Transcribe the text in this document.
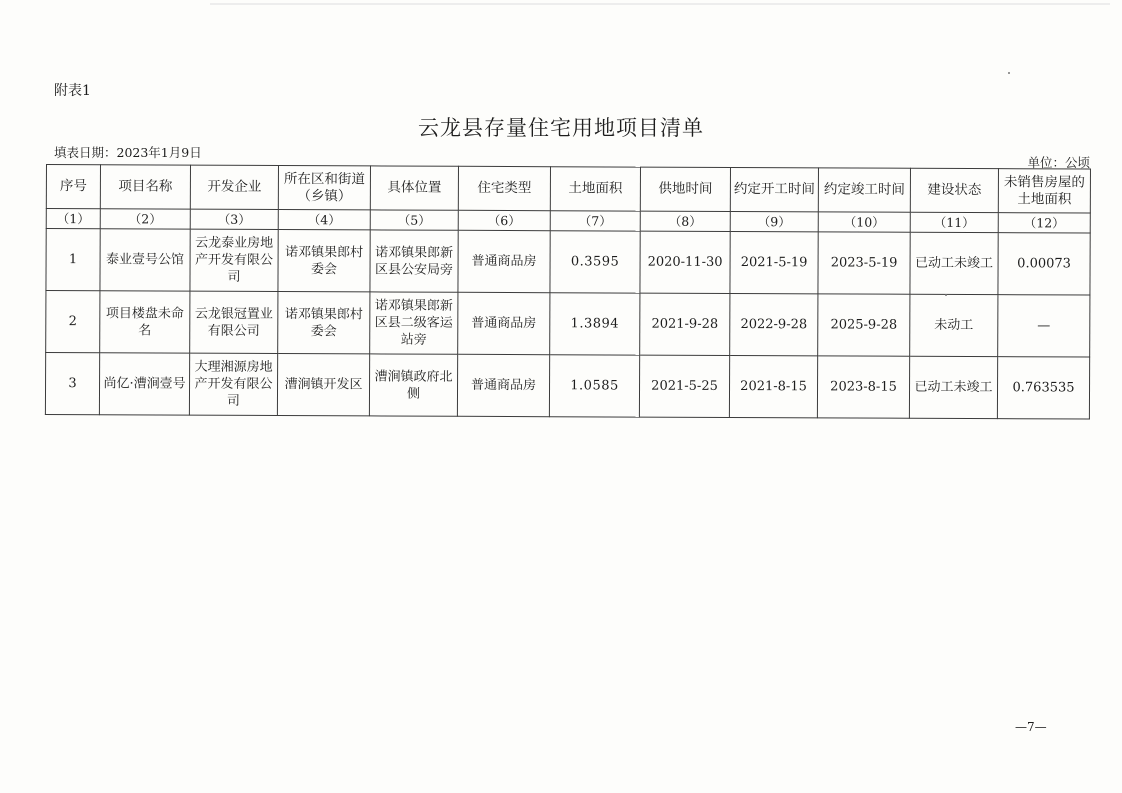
附表1
云龙县存量住宅用地项目清单
填表日期：2023年1月9日
单位：公顷
序号	项目名称	开发企业	所在区和街道（乡镇）	具体位置	住宅类型	土地面积	供地时间	约定开工时间	约定竣工时间	建设状态	未销售房屋的土地面积
（1）	（2）	（3）	（4）	（5）	（6）	（7）	（8）	（9）	（10）	（11）	（12）
1	泰业壹号公馆	云龙泰业房地产开发有限公司	诺邓镇果郎村委会	诺邓镇果郎新区县公安局旁	普通商品房	0.3595	2020-11-30	2021-5-19	2023-5-19	已动工未竣工	0.00073
2	项目楼盘未命名	云龙银冠置业有限公司	诺邓镇果郎村委会	诺邓镇果郎新区县二级客运站旁	普通商品房	1.3894	2021-9-28	2022-9-28	2025-9-28	未动工	—
3	尚亿·漕涧壹号	大理湘源房地产开发有限公司	漕涧镇开发区	漕涧镇政府北侧	普通商品房	1.0585	2021-5-25	2021-8-15	2023-8-15	已动工未竣工	0.763535
—7—
